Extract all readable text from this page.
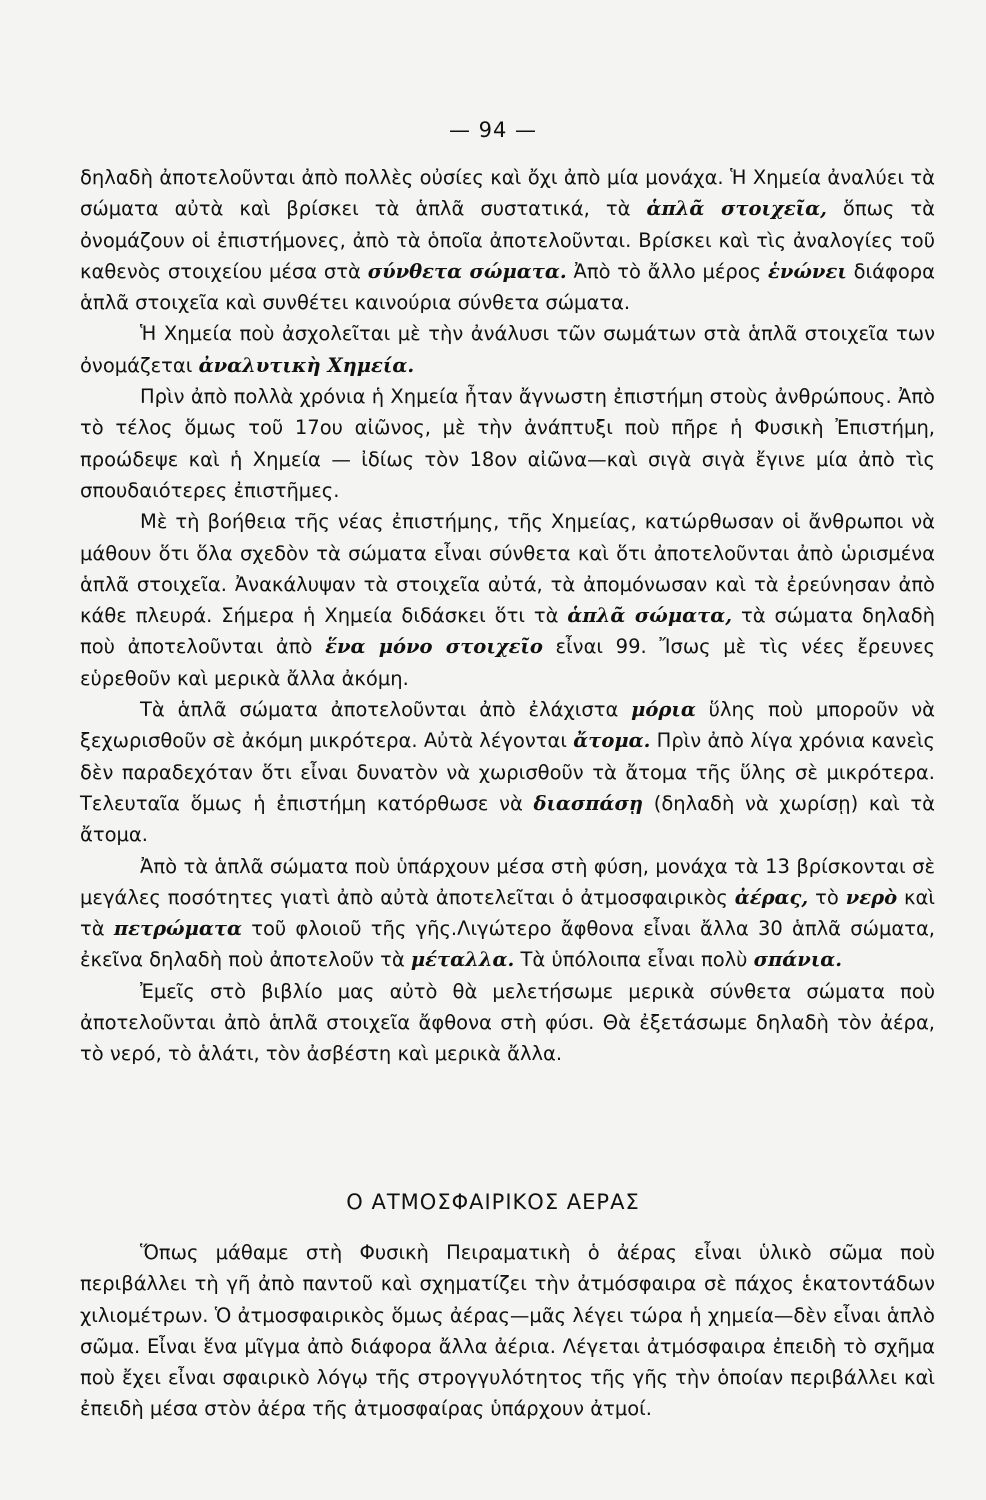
— 94 —

δηλαδὴ ἀποτελοῦνται ἀπὸ πολλὲς οὐσίες καὶ ὄχι ἀπὸ μία μονάχα. Ἡ Χημεία ἀναλύει τὰ σώματα αὐτὰ καὶ βρίσκει τὰ ἁπλᾶ συστατικά, τὰ ἁπλᾶ στοιχεῖα, ὅπως τὰ ὀνομάζουν οἱ ἐπιστήμονες, ἀπὸ τὰ ὁποῖα ἀποτελοῦνται. Βρίσκει καὶ τὶς ἀναλογίες τοῦ καθενὸς στοιχείου μέσα στὰ σύνθετα σώματα. Ἀπὸ τὸ ἄλλο μέρος ἑνώνει διάφορα ἁπλᾶ στοιχεῖα καὶ συνθέτει καινούρια σύνθετα σώματα.

Ἡ Χημεία ποὺ ἀσχολεῖται μὲ τὴν ἀνάλυσι τῶν σωμάτων στὰ ἁπλᾶ στοιχεῖα των ὀνομάζεται ἀναλυτικὴ Χημεία.

Πρὶν ἀπὸ πολλὰ χρόνια ἡ Χημεία ἦταν ἄγνωστη ἐπιστήμη στοὺς ἀνθρώπους. Ἀπὸ τὸ τέλος ὅμως τοῦ 17ου αἰῶνος, μὲ τὴν ἀνάπτυξι ποὺ πῆρε ἡ Φυσικὴ Ἐπιστήμη, προώδεψε καὶ ἡ Χημεία — ἰδίως τὸν 18ον αἰῶνα—καὶ σιγὰ σιγὰ ἔγινε μία ἀπὸ τὶς σπουδαιότερες ἐπιστῆμες.

Μὲ τὴ βοήθεια τῆς νέας ἐπιστήμης, τῆς Χημείας, κατώρθωσαν οἱ ἄνθρωποι νὰ μάθουν ὅτι ὅλα σχεδὸν τὰ σώματα εἶναι σύνθετα καὶ ὅτι ἀποτελοῦνται ἀπὸ ὡρισμένα ἁπλᾶ στοιχεῖα. Ἀνακάλυψαν τὰ στοιχεῖα αὐτά, τὰ ἀπομόνωσαν καὶ τὰ ἐρεύνησαν ἀπὸ κάθε πλευρά. Σήμερα ἡ Χημεία διδάσκει ὅτι τὰ ἁπλᾶ σώματα, τὰ σώματα δηλαδὴ ποὺ ἀποτελοῦνται ἀπὸ ἕνα μόνο στοιχεῖο εἶναι 99. Ἴσως μὲ τὶς νέες ἔρευνες εὑρεθοῦν καὶ μερικὰ ἄλλα ἀκόμη.

Τὰ ἁπλᾶ σώματα ἀποτελοῦνται ἀπὸ ἐλάχιστα μόρια ὕλης ποὺ μποροῦν νὰ ξεχωρισθοῦν σὲ ἀκόμη μικρότερα. Αὐτὰ λέγονται ἄτομα. Πρὶν ἀπὸ λίγα χρόνια κανεὶς δὲν παραδεχόταν ὅτι εἶναι δυνατὸν νὰ χωρισθοῦν τὰ ἄτομα τῆς ὕλης σὲ μικρότερα. Τελευταῖα ὅμως ἡ ἐπιστήμη κατόρθωσε νὰ διασπάσῃ (δηλαδὴ νὰ χωρίσῃ) καὶ τὰ ἄτομα.

Ἀπὸ τὰ ἁπλᾶ σώματα ποὺ ὑπάρχουν μέσα στὴ φύση, μονάχα τὰ 13 βρίσκονται σὲ μεγάλες ποσότητες γιατὶ ἀπὸ αὐτὰ ἀποτελεῖται ὁ ἀτμοσφαιρικὸς ἀέρας, τὸ νερὸ καὶ τὰ πετρώματα τοῦ φλοιοῦ τῆς γῆς.Λιγώτερο ἄφθονα εἶναι ἄλλα 30 ἁπλᾶ σώματα, ἐκεῖνα δηλαδὴ ποὺ ἀποτελοῦν τὰ μέταλλα. Τὰ ὑπόλοιπα εἶναι πολὺ σπάνια.

Ἐμεῖς στὸ βιβλίο μας αὐτὸ θὰ μελετήσωμε μερικὰ σύνθετα σώματα ποὺ ἀποτελοῦνται ἀπὸ ἁπλᾶ στοιχεῖα ἄφθονα στὴ φύσι. Θὰ ἐξετάσωμε δηλαδὴ τὸν ἀέρα, τὸ νερό, τὸ ἁλάτι, τὸν ἀσβέστη καὶ μερικὰ ἄλλα.

Ο ΑΤΜΟΣΦΑΙΡΙΚΟΣ ΑΕΡΑΣ

Ὅπως μάθαμε στὴ Φυσικὴ Πειραματικὴ ὁ ἀέρας εἶναι ὑλικὸ σῶμα ποὺ περιβάλλει τὴ γῆ ἀπὸ παντοῦ καὶ σχηματίζει τὴν ἀτμόσφαιρα σὲ πάχος ἑκατοντάδων χιλιομέτρων. Ὁ ἀτμοσφαιρικὸς ὅμως ἀέρας—μᾶς λέγει τώρα ἡ χημεία—δὲν εἶναι ἁπλὸ σῶμα. Εἶναι ἕνα μῖγμα ἀπὸ διάφορα ἄλλα ἀέρια. Λέγεται ἀτμόσφαιρα ἐπειδὴ τὸ σχῆμα ποὺ ἔχει εἶναι σφαιρικὸ λόγῳ τῆς στρογγυλότητος τῆς γῆς τὴν ὁποίαν περιβάλλει καὶ ἐπειδὴ μέσα στὸν ἀέρα τῆς ἀτμοσφαίρας ὑπάρχουν ἀτμοί.
